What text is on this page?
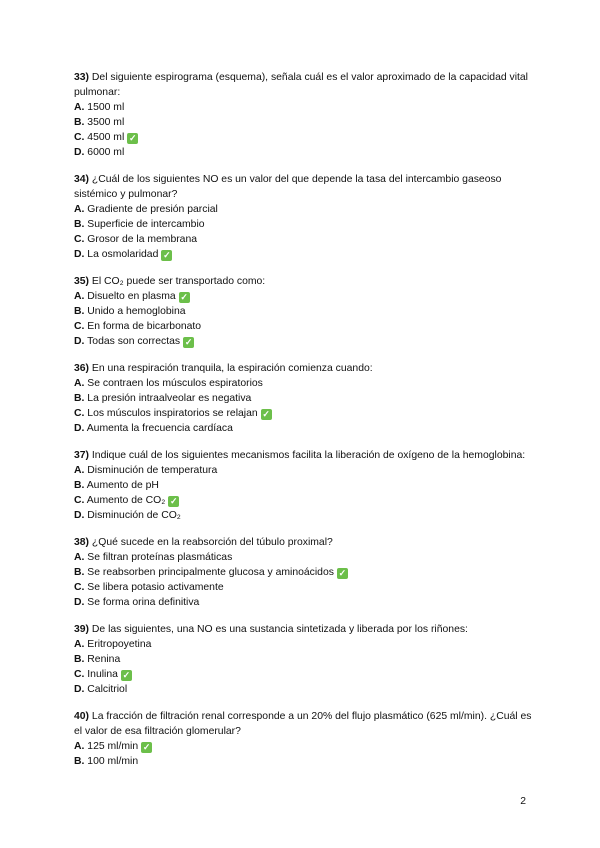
33) Del siguiente espirograma (esquema), señala cuál es el valor aproximado de la capacidad vital pulmonar:
A. 1500 ml
B. 3500 ml
C. 4500 ml ✓
D. 6000 ml
34) ¿Cuál de los siguientes NO es un valor del que depende la tasa del intercambio gaseoso sistémico y pulmonar?
A. Gradiente de presión parcial
B. Superficie de intercambio
C. Grosor de la membrana
D. La osmolaridad ✓
35) El CO₂ puede ser transportado como:
A. Disuelto en plasma ✓
B. Unido a hemoglobina
C. En forma de bicarbonato
D. Todas son correctas ✓
36) En una respiración tranquila, la espiración comienza cuando:
A. Se contraen los músculos espiratorios
B. La presión intraalveolar es negativa
C. Los músculos inspiratorios se relajan ✓
D. Aumenta la frecuencia cardíaca
37) Indique cuál de los siguientes mecanismos facilita la liberación de oxígeno de la hemoglobina:
A. Disminución de temperatura
B. Aumento de pH
C. Aumento de CO₂ ✓
D. Disminución de CO₂
38) ¿Qué sucede en la reabsorción del túbulo proximal?
A. Se filtran proteínas plasmáticas
B. Se reabsorben principalmente glucosa y aminoácidos ✓
C. Se libera potasio activamente
D. Se forma orina definitiva
39) De las siguientes, una NO es una sustancia sintetizada y liberada por los riñones:
A. Eritropoyetina
B. Renina
C. Inulina ✓
D. Calcitriol
40) La fracción de filtración renal corresponde a un 20% del flujo plasmático (625 ml/min). ¿Cuál es el valor de esa filtración glomerular?
A. 125 ml/min ✓
B. 100 ml/min
2
